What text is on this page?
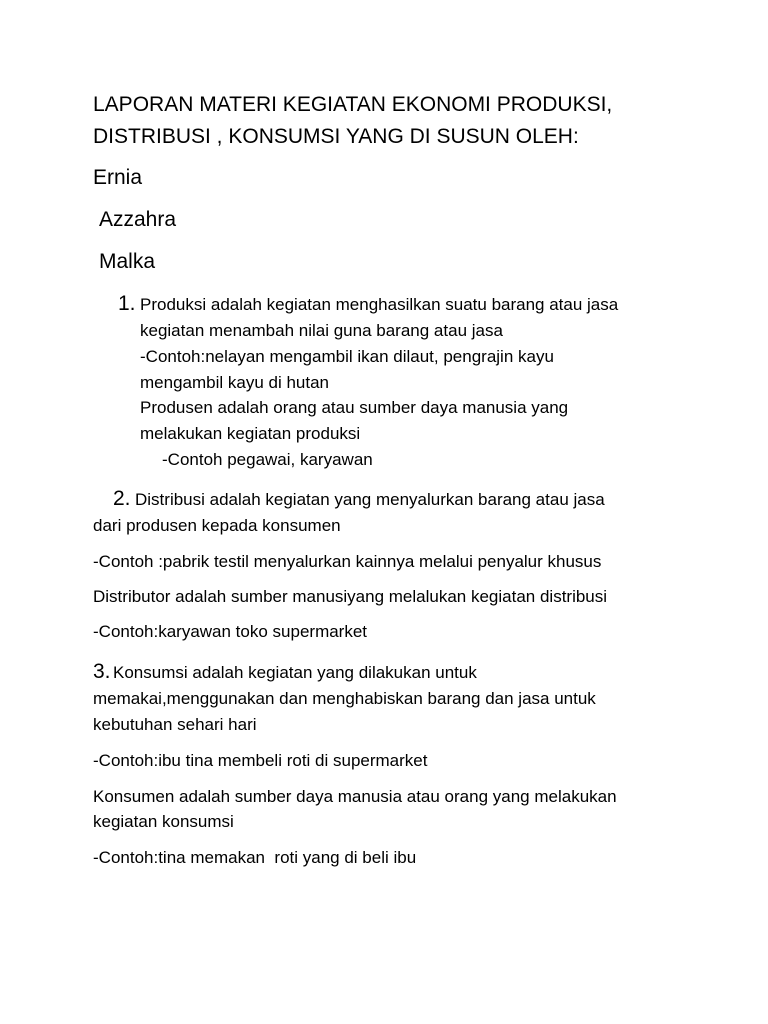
LAPORAN MATERI KEGIATAN EKONOMI PRODUKSI,
DISTRIBUSI , KONSUMSI YANG DI SUSUN OLEH:
Ernia
Azzahra
Malka
1. Produksi adalah kegiatan menghasilkan suatu barang atau jasa
kegiatan menambah nilai guna barang atau jasa
-Contoh:nelayan mengambil ikan dilaut, pengrajin kayu
mengambil kayu di hutan
Produsen adalah orang atau sumber daya manusia yang
melakukan kegiatan produksi
-Contoh pegawai, karyawan
2. Distribusi adalah kegiatan yang menyalurkan barang atau jasa
dari produsen kepada konsumen
-Contoh :pabrik testil menyalurkan kainnya melalui penyalur khusus
Distributor adalah sumber manusiyang melalukan kegiatan distribusi
-Contoh:karyawan toko supermarket
3. Konsumsi adalah kegiatan yang dilakukan untuk
memakai,menggunakan dan menghabiskan barang dan jasa untuk
kebutuhan sehari hari
-Contoh:ibu tina membeli roti di supermarket
Konsumen adalah sumber daya manusia atau orang yang melakukan
kegiatan konsumsi
-Contoh:tina memakan  roti yang di beli ibu
